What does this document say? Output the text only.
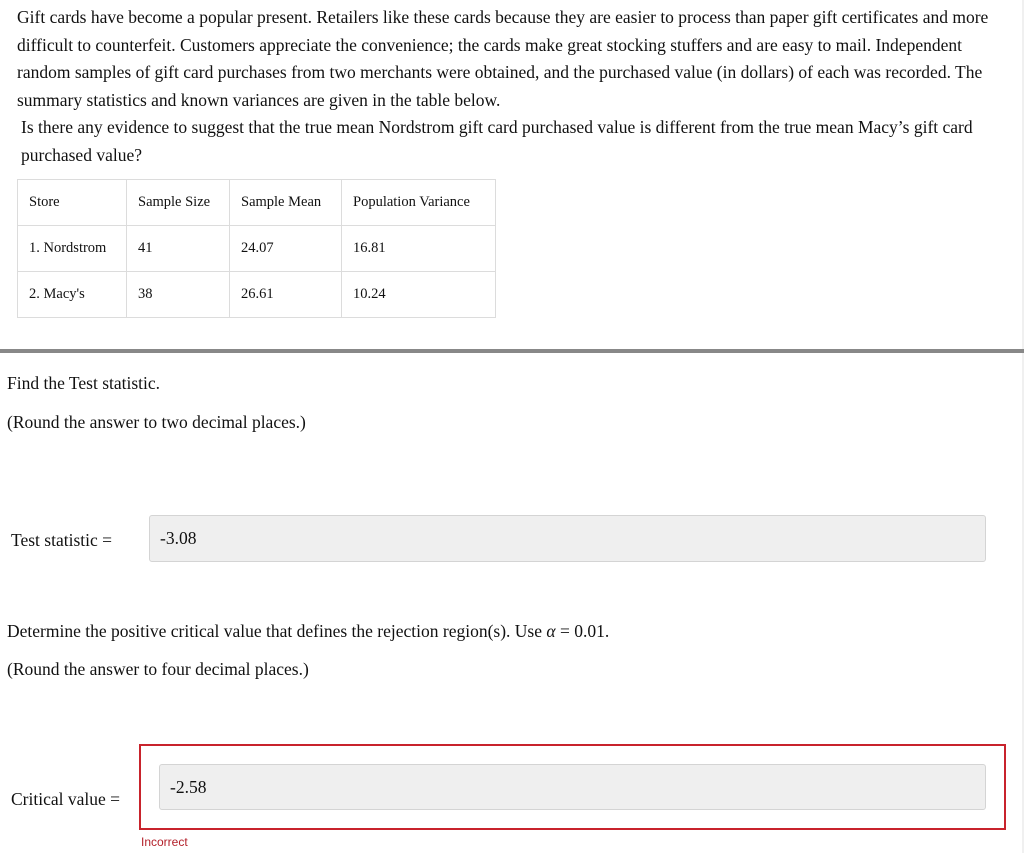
Gift cards have become a popular present. Retailers like these cards because they are easier to process than paper gift certificates and more difficult to counterfeit. Customers appreciate the convenience; the cards make great stocking stuffers and are easy to mail. Independent random samples of gift card purchases from two merchants were obtained, and the purchased value (in dollars) of each was recorded. The summary statistics and known variances are given in the table below.
Is there any evidence to suggest that the true mean Nordstrom gift card purchased value is different from the true mean Macy’s gift card purchased value?

Store	Sample Size	Sample Mean	Population Variance
1. Nordstrom	41	24.07	16.81
2. Macy's	38	26.61	10.24

Find the Test statistic.

(Round the answer to two decimal places.)

Test statistic =	-3.08

Determine the positive critical value that defines the rejection region(s). Use α = 0.01.

(Round the answer to four decimal places.)

Critical value =
-2.58
Incorrect
